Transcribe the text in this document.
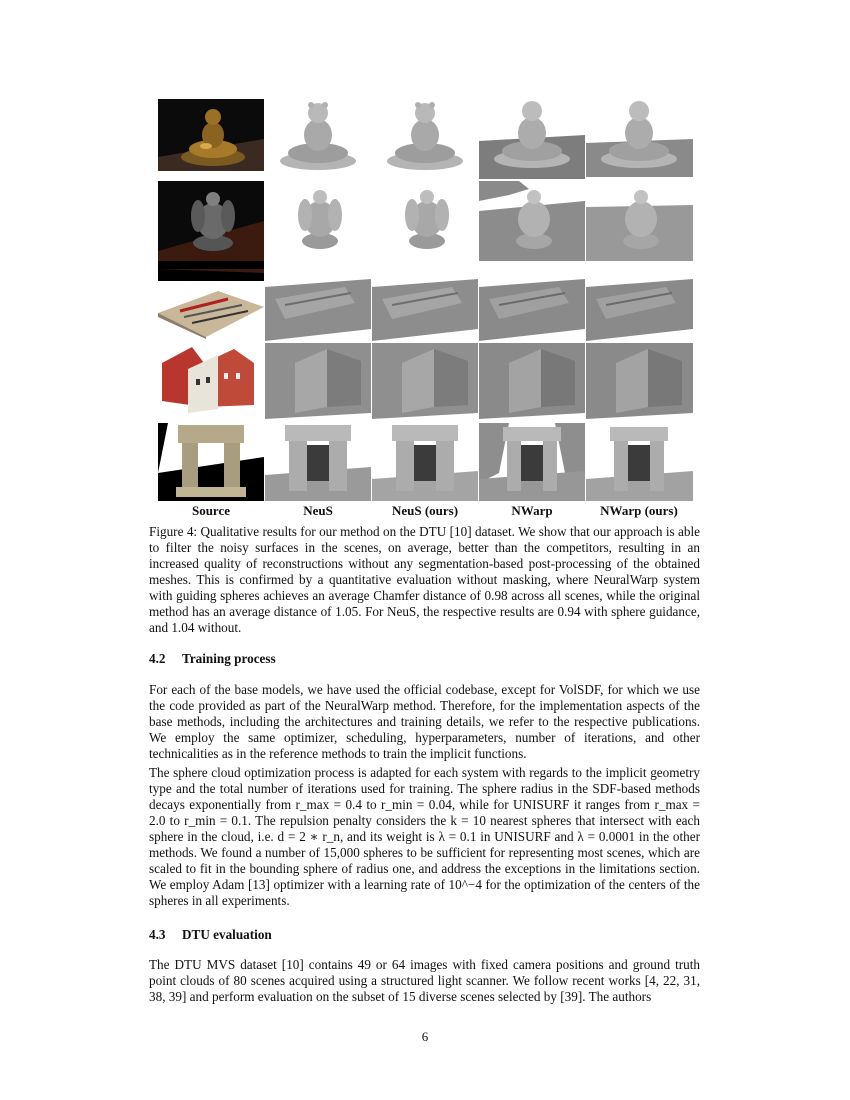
Source	NeuS	NeuS (ours)	NWarp	NWarp (ours)

Figure 4: Qualitative results for our method on the DTU [10] dataset. We show that our approach is able to filter the noisy surfaces in the scenes, on average, better than the competitors, resulting in an increased quality of reconstructions without any segmentation-based post-processing of the obtained meshes. This is confirmed by a quantitative evaluation without masking, where NeuralWarp system with guiding spheres achieves an average Chamfer distance of 0.98 across all scenes, while the original method has an average distance of 1.05. For NeuS, the respective results are 0.94 with sphere guidance, and 1.04 without.

4.2 Training process

For each of the base models, we have used the official codebase, except for VolSDF, for which we use the code provided as part of the NeuralWarp method. Therefore, for the implementation aspects of the base methods, including the architectures and training details, we refer to the respective publications. We employ the same optimizer, scheduling, hyperparameters, number of iterations, and other technicalities as in the reference methods to train the implicit functions.

The sphere cloud optimization process is adapted for each system with regards to the implicit geometry type and the total number of iterations used for training. The sphere radius in the SDF-based methods decays exponentially from r_max = 0.4 to r_min = 0.04, while for UNISURF it ranges from r_max = 2.0 to r_min = 0.1. The repulsion penalty considers the k = 10 nearest spheres that intersect with each sphere in the cloud, i.e. d = 2 ∗ r_n, and its weight is λ = 0.1 in UNISURF and λ = 0.0001 in the other methods. We found a number of 15,000 spheres to be sufficient for representing most scenes, which are scaled to fit in the bounding sphere of radius one, and address the exceptions in the limitations section. We employ Adam [13] optimizer with a learning rate of 10^−4 for the optimization of the centers of the spheres in all experiments.

4.3 DTU evaluation

The DTU MVS dataset [10] contains 49 or 64 images with fixed camera positions and ground truth point clouds of 80 scenes acquired using a structured light scanner. We follow recent works [4, 22, 31, 38, 39] and perform evaluation on the subset of 15 diverse scenes selected by [39]. The authors

6
